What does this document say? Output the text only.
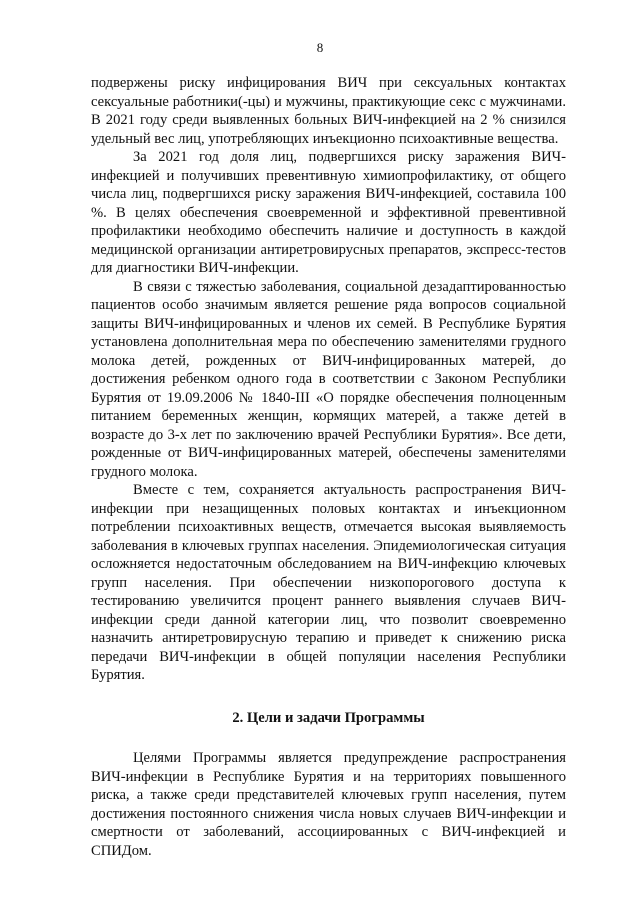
8

подвержены риску инфицирования ВИЧ при сексуальных контактах сексуальные работники(-цы) и мужчины, практикующие секс с мужчинами. В 2021 году среди выявленных больных ВИЧ-инфекцией на 2 % снизился удельный вес лиц, употребляющих инъекционно психоактивные вещества.

За 2021 год доля лиц, подвергшихся риску заражения ВИЧ-инфекцией и получивших превентивную химиопрофилактику, от общего числа лиц, подвергшихся риску заражения ВИЧ-инфекцией, составила 100 %. В целях обеспечения своевременной и эффективной превентивной профилактики необходимо обеспечить наличие и доступность в каждой медицинской организации антиретровирусных препаратов, экспресс-тестов для диагностики ВИЧ-инфекции.

В связи с тяжестью заболевания, социальной дезадаптированностью пациентов особо значимым является решение ряда вопросов социальной защиты ВИЧ-инфицированных и членов их семей. В Республике Бурятия установлена дополнительная мера по обеспечению заменителями грудного молока детей, рожденных от ВИЧ-инфицированных матерей, до достижения ребенком одного года в соответствии с Законом Республики Бурятия от 19.09.2006 № 1840-III «О порядке обеспечения полноценным питанием беременных женщин, кормящих матерей, а также детей в возрасте до 3-х лет по заключению врачей Республики Бурятия». Все дети, рожденные от ВИЧ-инфицированных матерей, обеспечены заменителями грудного молока.

Вместе с тем, сохраняется актуальность распространения ВИЧ-инфекции при незащищенных половых контактах и инъекционном потреблении психоактивных веществ, отмечается высокая выявляемость заболевания в ключевых группах населения. Эпидемиологическая ситуация осложняется недостаточным обследованием на ВИЧ-инфекцию ключевых групп населения. При обеспечении низкопорогового доступа к тестированию увеличится процент раннего выявления случаев ВИЧ-инфекции среди данной категории лиц, что позволит своевременно назначить антиретровирусную терапию и приведет к снижению риска передачи ВИЧ-инфекции в общей популяции населения Республики Бурятия.

2. Цели и задачи Программы

Целями Программы является предупреждение распространения ВИЧ-инфекции в Республике Бурятия и на территориях повышенного риска, а также среди представителей ключевых групп населения, путем достижения постоянного снижения числа новых случаев ВИЧ-инфекции и смертности от заболеваний, ассоциированных с ВИЧ-инфекцией и СПИДом.
